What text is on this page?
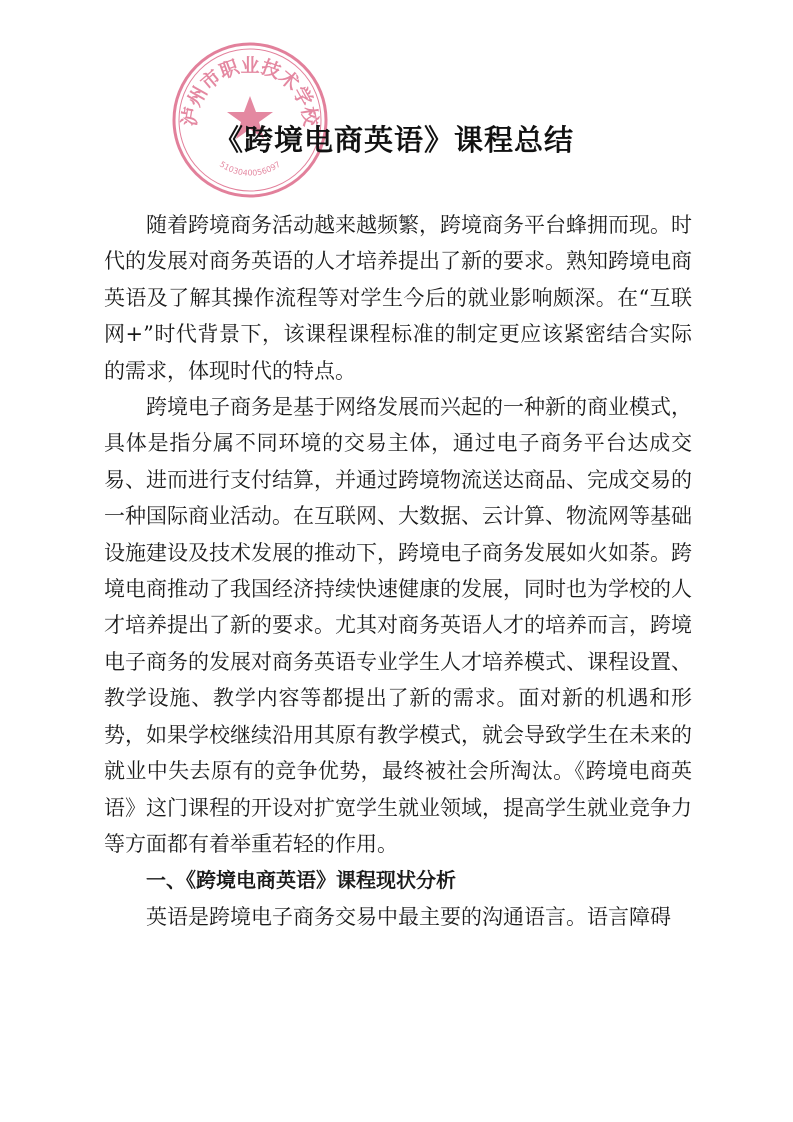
泸州市职业技术学校
5103040056097
《跨境电商英语》课程总结

随着跨境商务活动越来越频繁，跨境商务平台蜂拥而现。时代的发展对商务英语的人才培养提出了新的要求。熟知跨境电商英语及了解其操作流程等对学生今后的就业影响颇深。在“互联网+”时代背景下，该课程课程标准的制定更应该紧密结合实际的需求，体现时代的特点。

跨境电子商务是基于网络发展而兴起的一种新的商业模式，具体是指分属不同环境的交易主体，通过电子商务平台达成交易、进而进行支付结算，并通过跨境物流送达商品、完成交易的一种国际商业活动。在互联网、大数据、云计算、物流网等基础设施建设及技术发展的推动下，跨境电子商务发展如火如荼。跨境电商推动了我国经济持续快速健康的发展，同时也为学校的人才培养提出了新的要求。尤其对商务英语人才的培养而言，跨境电子商务的发展对商务英语专业学生人才培养模式、课程设置、教学设施、教学内容等都提出了新的需求。面对新的机遇和形势，如果学校继续沿用其原有教学模式，就会导致学生在未来的就业中失去原有的竞争优势，最终被社会所淘汰。《跨境电商英语》这门课程的开设对扩宽学生就业领域，提高学生就业竞争力等方面都有着举重若轻的作用。

一、《跨境电商英语》课程现状分析

英语是跨境电子商务交易中最主要的沟通语言。语言障碍
